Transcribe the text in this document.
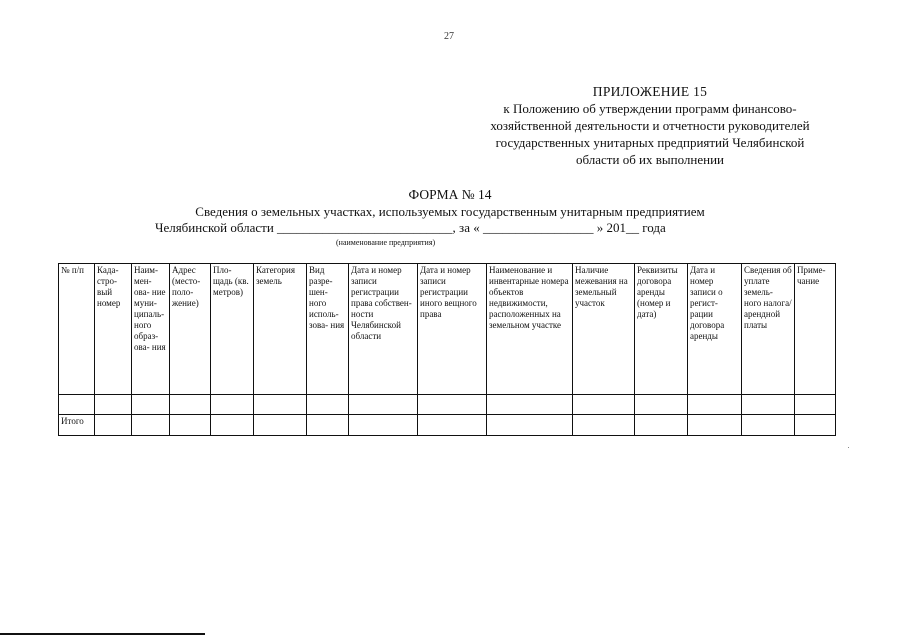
27
ПРИЛОЖЕНИЕ 15
к Положению об утверждении программ финансово-
хозяйственной деятельности и отчетности руководителей
государственных унитарных предприятий Челябинской
области об их выполнении
ФОРМА № 14
Сведения о земельных участках, используемых государственным унитарным предприятием
Челябинской области ___________________________, за « _________________ » 201__ года
(наименование предприятия)
№ п/п	Када- стро- вый номер	Наим- мен- ова- ние муни- ципаль- ного образ- ова- ния	Адрес (место- поло- жение)	Пло- щадь (кв. метров)	Категория земель	Вид разре- шен- ного исполь- зова- ния	Дата и номер записи регистрации права собствен- ности Челябинской области	Дата и номер записи регистрации иного вещного права	Наименование и инвентарные номера объектов недвижимости, расположенных на земельном участке	Наличие межевания на земельный участок	Реквизиты договора аренды (номер и дата)	Дата и номер записи о регист- рации договора аренды	Сведения об уплате земель- ного налога/ арендной платы	Приме- чание

Итого														
